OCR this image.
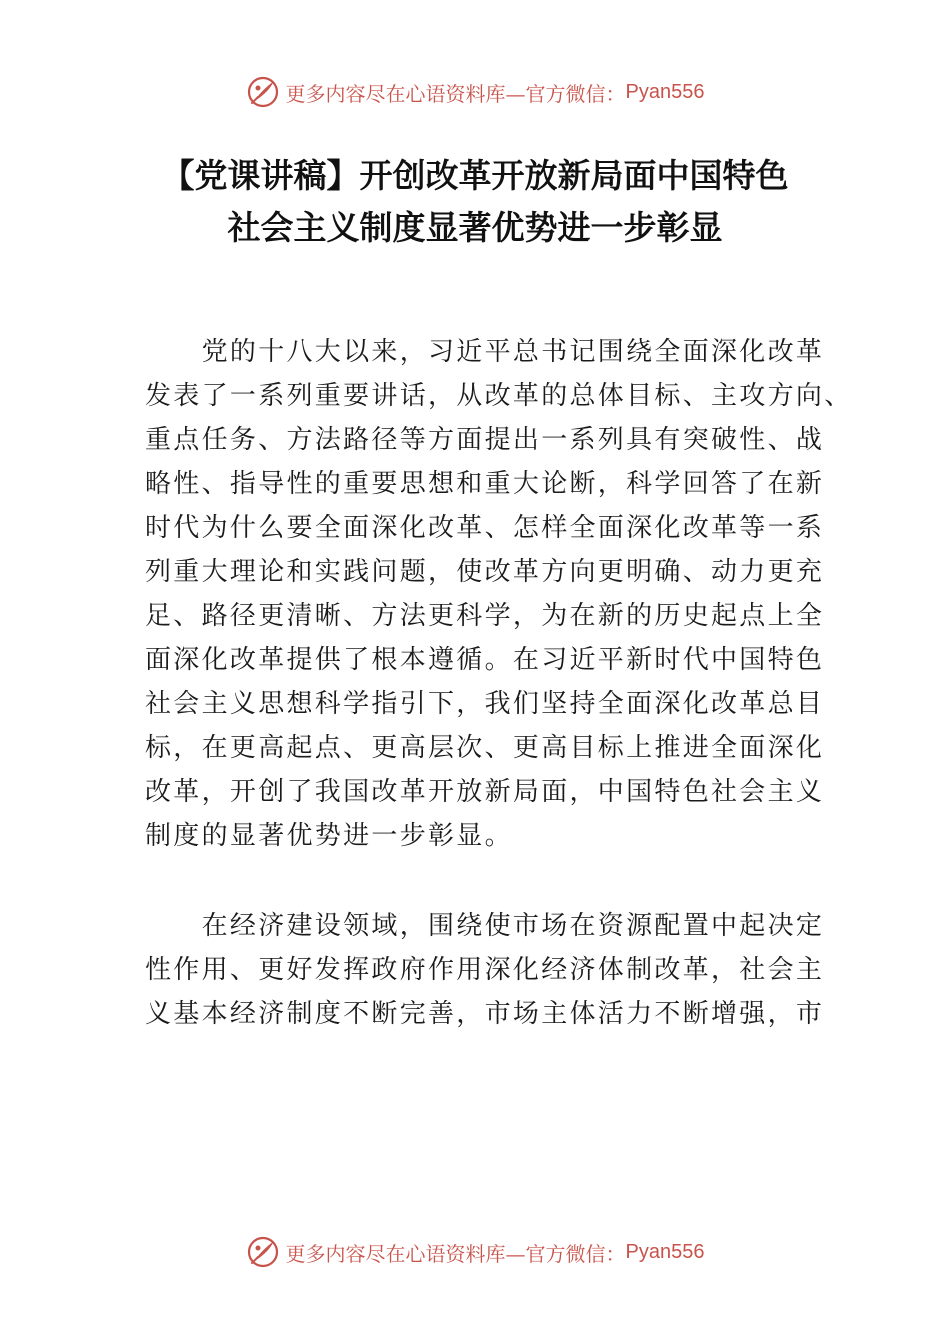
更多内容尽在心语资料库—官方微信： Pyan556
【党课讲稿】开创改革开放新局面中国特色
社会主义制度显著优势进一步彰显
　　党的十八大以来，习近平总书记围绕全面深化改革
发表了一系列重要讲话，从改革的总体目标、主攻方向、
重点任务、方法路径等方面提出一系列具有突破性、战
略性、指导性的重要思想和重大论断，科学回答了在新
时代为什么要全面深化改革、怎样全面深化改革等一系
列重大理论和实践问题，使改革方向更明确、动力更充
足、路径更清晰、方法更科学，为在新的历史起点上全
面深化改革提供了根本遵循。在习近平新时代中国特色
社会主义思想科学指引下，我们坚持全面深化改革总目
标，在更高起点、更高层次、更高目标上推进全面深化
改革，开创了我国改革开放新局面，中国特色社会主义
制度的显著优势进一步彰显。
　　在经济建设领域，围绕使市场在资源配置中起决定
性作用、更好发挥政府作用深化经济体制改革，社会主
义基本经济制度不断完善，市场主体活力不断增强，市
更多内容尽在心语资料库—官方微信： Pyan556
